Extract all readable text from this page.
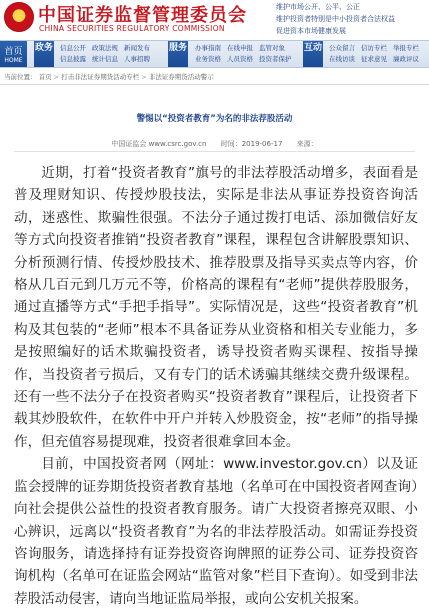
★
中国证券监督管理委员会
CHINA SECURITIES REGULATORY COMMISSION
维护市场公开、公平、公正
维护投资者特别是中小投资者合法权益
促进资本市场健康发展
首页
HOME
政务 信息公开 政策法规 新闻发布
信息披露 统计信息 人事招聘
服务 办事指南 在线申报 监管对象
业务资格 人员资格 投资者保护
互动 公众留言 信访专栏 举报专栏
在线访谈 征求意见 廉政评议
当前位置： 首页 > 打击非法证券期货活动专栏 > 非法证券期货活动警示
警惕以“投资者教育”为名的非法荐股活动
中国证监会 www.csrc.gov.cn 时间：2019-06-17 来源：

近期，打着“投资者教育”旗号的非法荐股活动增多，表面看是普及理财知识、传授炒股技法，实际是非法从事证券投资咨询活动，迷惑性、欺骗性很强。不法分子通过拨打电话、添加微信好友等方式向投资者推销“投资者教育”课程，课程包含讲解股票知识、分析预测行情、传授炒股技术、推荐股票及指导买卖点等内容，价格从几百元到几万元不等，价格高的课程有“老师”提供荐股服务，通过直播等方式“手把手指导”。实际情况是，这些“投资者教育”机构及其包装的“老师”根本不具备证券从业资格和相关专业能力，多是按照编好的话术欺骗投资者，诱导投资者购买课程、按指导操作，当投资者亏损后，又有专门的话术诱骗其继续交费升级课程。还有一些不法分子在投资者购买“投资者教育”课程后，让投资者下载其炒股软件，在软件中开户并转入炒股资金，按“老师”的指导操作，但充值容易提现难，投资者很难拿回本金。

目前，中国投资者网（网址：www.investor.gov.cn）以及证监会授牌的证券期货投资者教育基地（名单可在中国投资者网查询）向社会提供公益性的投资者教育服务。请广大投资者擦亮双眼、小心辨识，远离以“投资者教育”为名的非法荐股活动。如需证券投资咨询服务，请选择持有证券投资咨询牌照的证券公司、证券投资咨询机构（名单可在证监会网站“监管对象”栏目下查询）。如受到非法荐股活动侵害，请向当地证监局举报，或向公安机关报案。
